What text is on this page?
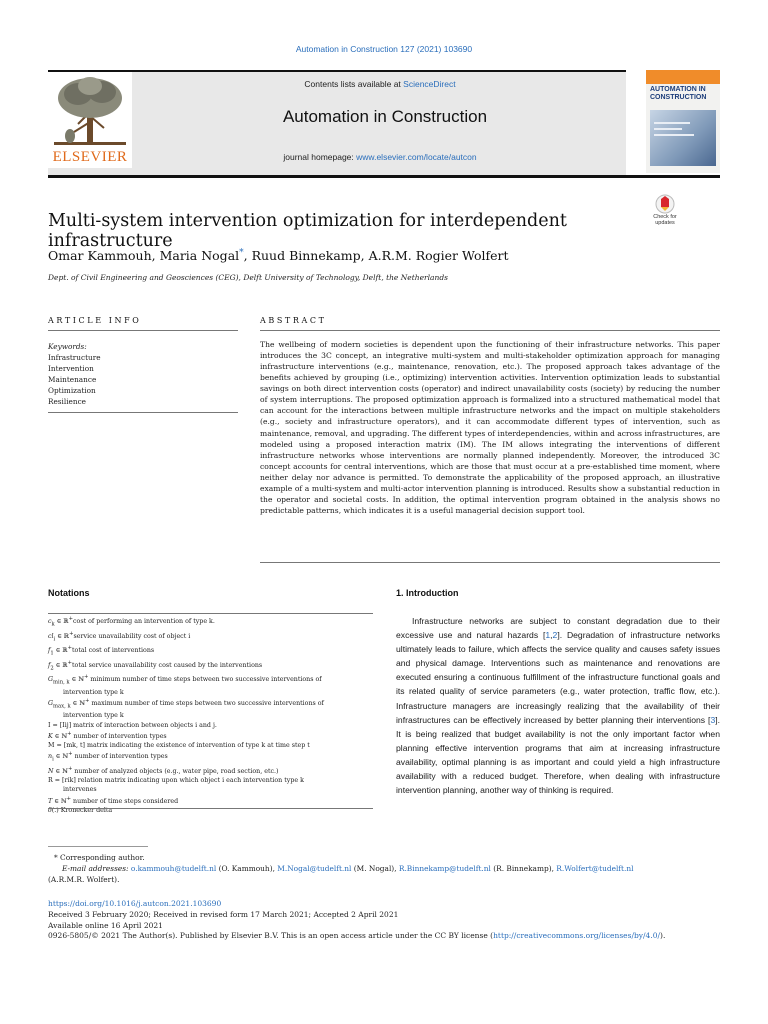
Automation in Construction 127 (2021) 103690
ELSEVIER
Contents lists available at ScienceDirect
Automation in Construction
journal homepage: www.elsevier.com/locate/autcon
AUTOMATION IN CONSTRUCTION
Multi-system intervention optimization for interdependent infrastructure
Check for updates
Omar Kammouh, Maria Nogal*, Ruud Binnekamp, A.R.M. Rogier Wolfert
Dept. of Civil Engineering and Geosciences (CEG), Delft University of Technology, Delft, the Netherlands
ARTICLE INFO	ABSTRACT
Keywords:
Infrastructure
Intervention
Maintenance
Optimization
Resilience
The wellbeing of modern societies is dependent upon the functioning of their infrastructure networks. This paper introduces the 3C concept, an integrative multi-system and multi-stakeholder optimization approach for managing infrastructure interventions (e.g., maintenance, renovation, etc.). The proposed approach takes advantage of the benefits achieved by grouping (i.e., optimizing) intervention activities. Intervention optimization leads to substantial savings on both direct intervention costs (operator) and indirect unavailability costs (society) by reducing the number of system interruptions. The proposed optimization approach is formalized into a structured mathematical model that can account for the interactions between multiple infrastructure networks and the impact on multiple stakeholders (e.g., society and infrastructure operators), and it can accommodate different types of intervention, such as maintenance, removal, and upgrading. The different types of interdependencies, within and across infrastructures, are modeled using a proposed interaction matrix (IM). The IM allows integrating the interventions of different infrastructure networks whose interventions are normally planned independently. Moreover, the introduced 3C concept accounts for central interventions, which are those that must occur at a pre-established time moment, where neither delay nor advance is permitted. To demonstrate the applicability of the proposed approach, an illustrative example of a multi-system and multi-actor intervention planning is introduced. Results show a substantial reduction in the operator and societal costs. In addition, the optimal intervention program obtained in the analysis shows no predictable patterns, which indicates it is a useful managerial decision support tool.
Notations
$c_k$ ∈ ℝ+cost of performing an intervention of type k.
$cl_i$ ∈ ℝ+service unavailability cost of object i
$f_1$ ∈ ℝ+total cost of interventions
$f_2$ ∈ ℝ+total service unavailability cost caused by the interventions
$G_{min, k}$ ∈ ℕ+ minimum number of time steps between two successive interventions of
intervention type k
$G_{max, k}$ ∈ ℕ+ maximum number of time steps between two successive interventions of
intervention type k
I = [Iij] matrix of interaction between objects i and j.
K ∈ ℕ+ number of intervention types
M = [mk, t] matrix indicating the existence of intervention of type k at time step t
$n_i$ ∈ ℕ+ number of intervention types
N ∈ ℕ+ number of analyzed objects (e.g., water pipe, road section, etc.)
R = [rik] relation matrix indicating upon which object i each intervention type k
intervenes
T ∈ ℕ+ number of time steps considered
δ(.) Kronecker delta
1. Introduction
Infrastructure networks are subject to constant degradation due to their excessive use and natural hazards [1,2]. Degradation of infrastructure networks ultimately leads to failure, which affects the service quality and causes safety issues and physical damage. Interventions such as maintenance and renovations are executed ensuring a continuous fulfillment of the infrastructure functional goals and its related quality of service parameters (e.g., water protection, traffic flow, etc.). Infrastructure managers are increasingly realizing that the availability of their infrastructures can be effectively increased by better planning their interventions [3]. It is being realized that budget availability is not the only important factor when planning effective intervention programs that aim at increasing infrastructure availability, optimal planning is as important and could yield a high infrastructure availability with a reduced budget. Therefore, when dealing with infrastructure intervention planning, another way of thinking is required.
* Corresponding author.
E-mail addresses: o.kammouh@tudelft.nl (O. Kammouh), M.Nogal@tudelft.nl (M. Nogal), R.Binnekamp@tudelft.nl (R. Binnekamp), R.Wolfert@tudelft.nl
(A.R.M.R. Wolfert).
https://doi.org/10.1016/j.autcon.2021.103690
Received 3 February 2020; Received in revised form 17 March 2021; Accepted 2 April 2021
Available online 16 April 2021
0926-5805/© 2021 The Author(s). Published by Elsevier B.V. This is an open access article under the CC BY license (http://creativecommons.org/licenses/by/4.0/).
